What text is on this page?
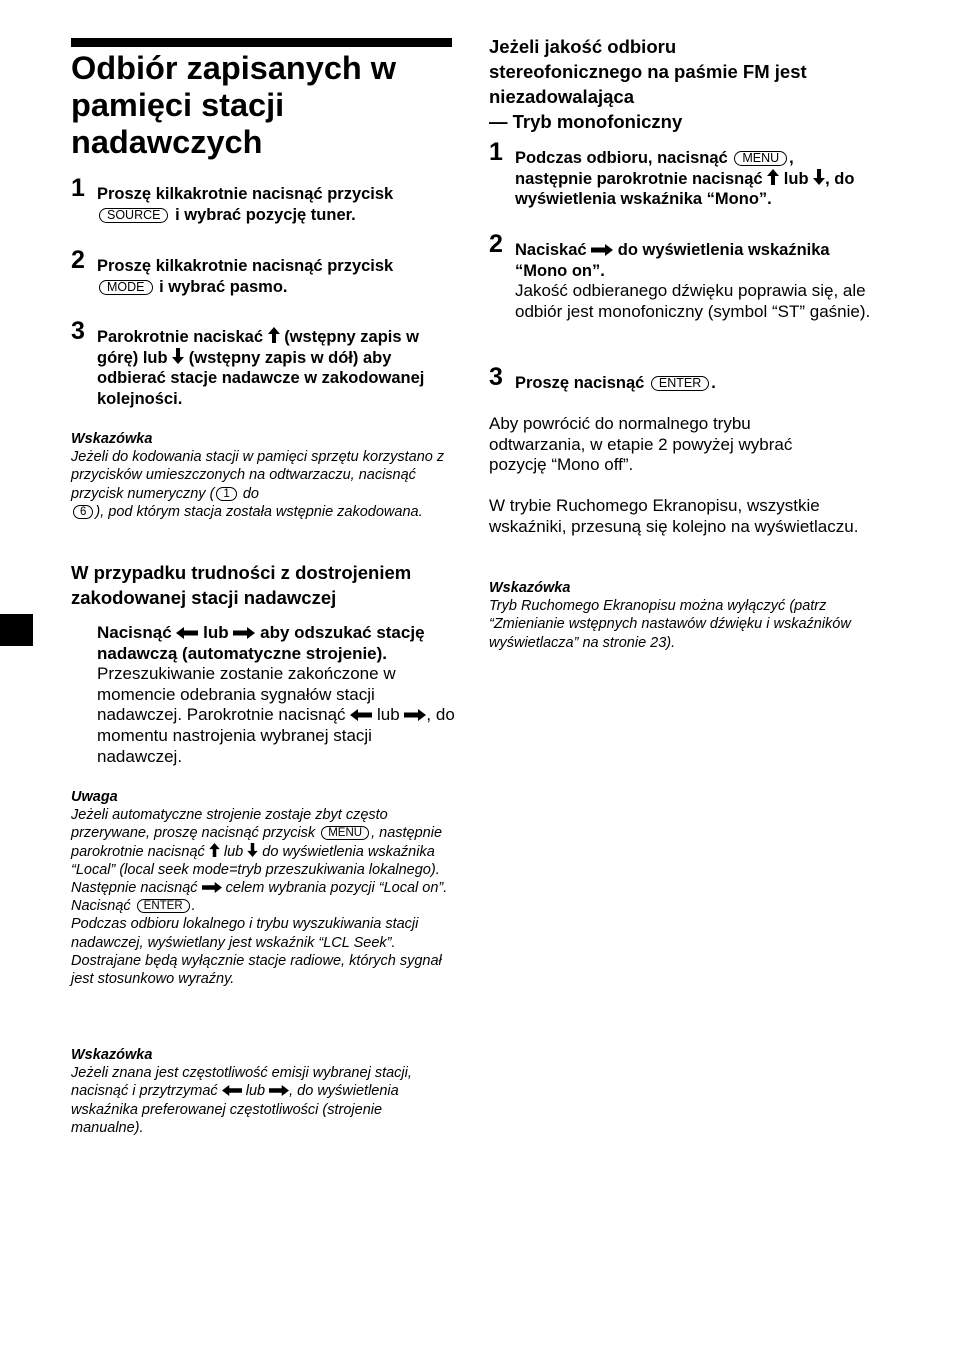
Odbiór zapisanych w pamięci stacji nadawczych
1 Proszę kilkakrotnie nacisnąć przycisk
SOURCE i wybrać pozycję tuner.
2 Proszę kilkakrotnie nacisnąć przycisk
MODE i wybrać pasmo.
3 Parokrotnie naciskać (wstępny zapis w górę) lub (wstępny zapis w dół) aby odbierać stacje nadawcze w zakodowanej kolejności.
Wskazówka
Jeżeli do kodowania stacji w pamięci sprzętu korzystano z przycisków umieszczonych na odtwarzaczu, nacisnąć przycisk numeryczny ( 1 do
6 ), pod którym stacja została wstępnie zakodowana.
W przypadku trudności z dostrojeniem zakodowanej stacji nadawczej
Nacisnąć lub aby odszukać stację nadawczą (automatyczne strojenie).
Przeszukiwanie zostanie zakończone w momencie odebrania sygnałów stacji nadawczej. Parokrotnie nacisnąć lub , do momentu nastrojenia wybranej stacji nadawczej.
Uwaga
Jeżeli automatyczne strojenie zostaje zbyt często przerywane, proszę nacisnąć przycisk MENU , następnie parokrotnie nacisnąć lub do wyświetlenia wskaźnika “Local” (local seek mode=tryb przeszukiwania lokalnego). Następnie nacisnąć celem wybrania pozycji “Local on”. Nacisnąć ENTER .
Podczas odbioru lokalnego i trybu wyszukiwania stacji nadawczej, wyświetlany jest wskaźnik “LCL Seek”.
Dostrajane będą wyłącznie stacje radiowe, których sygnał jest stosunkowo wyraźny.
Wskazówka
Jeżeli znana jest częstotliwość emisji wybranej stacji, nacisnąć i przytrzymać lub , do wyświetlenia wskaźnika preferowanej częstotliwości (strojenie manualne).
Jeżeli jakość odbioru
stereofonicznego na paśmie FM jest
niezadowalająca
— Tryb monofoniczny
1 Podczas odbioru, nacisnąć MENU , następnie parokrotnie nacisnąć lub , do wyświetlenia wskaźnika “Mono”.
2 Naciskać do wyświetlenia wskaźnika “Mono on”.
Jakość odbieranego dźwięku poprawia się, ale odbiór jest monofoniczny (symbol “ST” gaśnie).
3 Proszę nacisnąć ENTER .
Aby powrócić do normalnego trybu odtwarzania, w etapie 2 powyżej wybrać pozycję “Mono off”.
W trybie Ruchomego Ekranopisu, wszystkie wskaźniki, przesuną się kolejno na wyświetlaczu.
Wskazówka
Tryb Ruchomego Ekranopisu można wyłączyć (patrz “Zmienianie wstępnych nastawów dźwięku i wskaźników wyświetlacza” na stronie 23).
